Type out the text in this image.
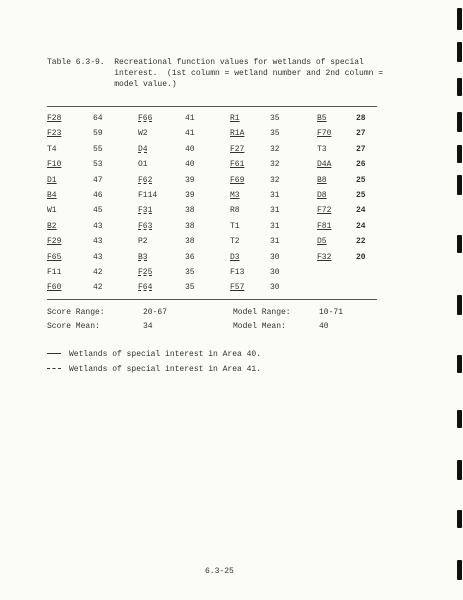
Table 6.3-9.  Recreational function values for wetlands of special
interest.  (1st column = wetland number and 2nd column =
model value.)
F28	64	F66	41	R1	35	B5	28
F23	59	W2	41	R1A	35	F70	27
T4	55	D4	40	F27	32	T3	27
F10	53	O1	40	F61	32	D4A	26
D1	47	F62	39	F69	32	B8	25
B4	46	F114	39	M3	31	D8	25
W1	45	F31	38	R8	31	F72	24
B2	43	F63	38	T1	31	F81	24
F29	43	P2	38	T2	31	D5	22
F65	43	B3	36	D3	30	F32	20
F11	42	F25	35	F13	30
F60	42	F64	35	F57	30
Score Range:	20-67	Model Range:	10-71
Score Mean:	34	Model Mean:	40
Wetlands of special interest in Area 40.
Wetlands of special interest in Area 41.
6.3-25
